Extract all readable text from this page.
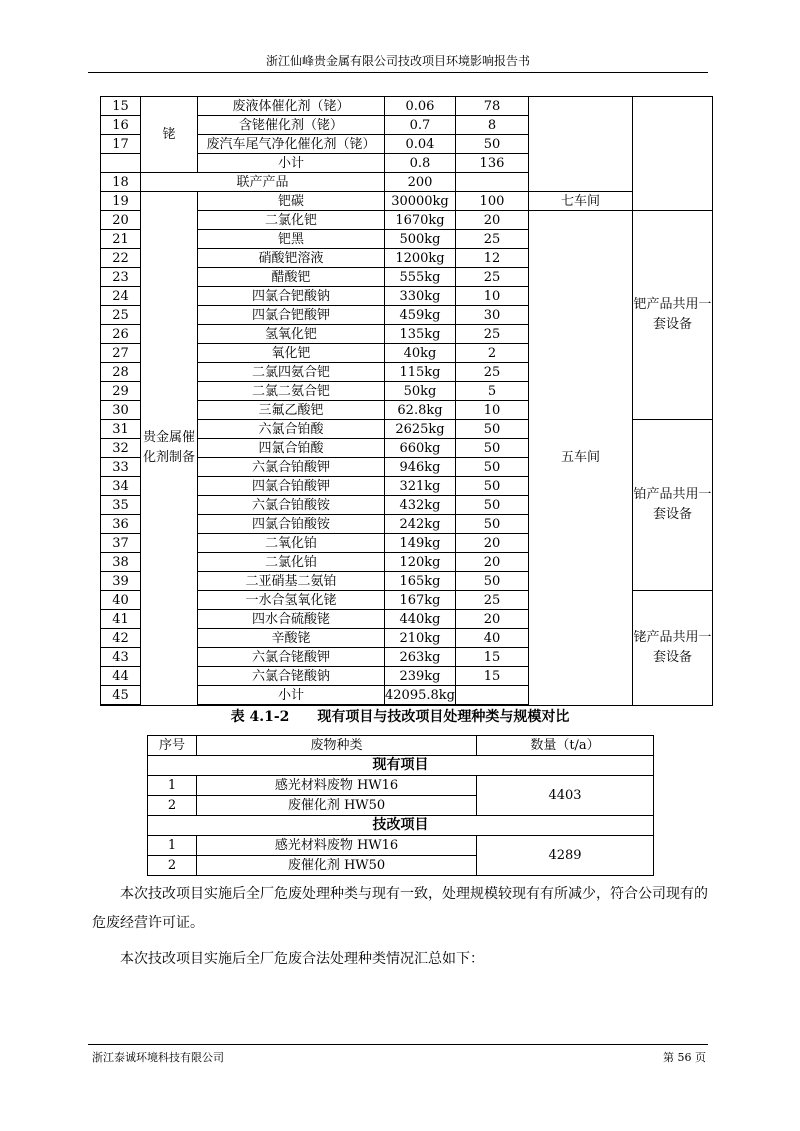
浙江仙峰贵金属有限公司技改项目环境影响报告书
15	铑	废液体催化剂（铑）	0.06	78		
16		含铑催化剂（铑）	0.7	8		
17		废汽车尾气净化催化剂（铑）	0.04	50		
		小计	0.8	136		
18	联产产品		200			
19	贵金属催化剂制备	钯碳	30000kg	100	七车间	
20		二氯化钯	1670kg	20	五车间	钯产品共用一套设备
21		钯黑	500kg	25		
22		硝酸钯溶液	1200kg	12		
23		醋酸钯	555kg	25		
24		四氯合钯酸钠	330kg	10		
25		四氯合钯酸钾	459kg	30		
26		氢氧化钯	135kg	25		
27		氧化钯	40kg	2		
28		二氯四氨合钯	115kg	25		
29		二氯二氨合钯	50kg	5		
30		三氟乙酸钯	62.8kg	10		
31		六氯合铂酸	2625kg	50		铂产品共用一套设备
32		四氯合铂酸	660kg	50		
33		六氯合铂酸钾	946kg	50		
34		四氯合铂酸钾	321kg	50		
35		六氯合铂酸铵	432kg	50		
36		四氯合铂酸铵	242kg	50		
37		二氧化铂	149kg	20		
38		二氯化铂	120kg	20		
39		二亚硝基二氨铂	165kg	50		
40		一水合氢氧化铑	167kg	25		铑产品共用一套设备
41		四水合硫酸铑	440kg	20		
42		辛酸铑	210kg	40		
43		六氯合铑酸钾	263kg	15		
44		六氯合铑酸钠	239kg	15		
45		小计	42095.8kg			
表 4.1-2　　现有项目与技改项目处理种类与规模对比
序号	废物种类	数量（t/a）
现有项目		
1	感光材料废物 HW16	4403
2	废催化剂 HW50	
技改项目		
1	感光材料废物 HW16	4289
2	废催化剂 HW50	

本次技改项目实施后全厂危废处理种类与现有一致，处理规模较现有有所减少，符合公司现有的危废经营许可证。

本次技改项目实施后全厂危废合法处理种类情况汇总如下：

浙江泰诚环境科技有限公司	第 56 页
